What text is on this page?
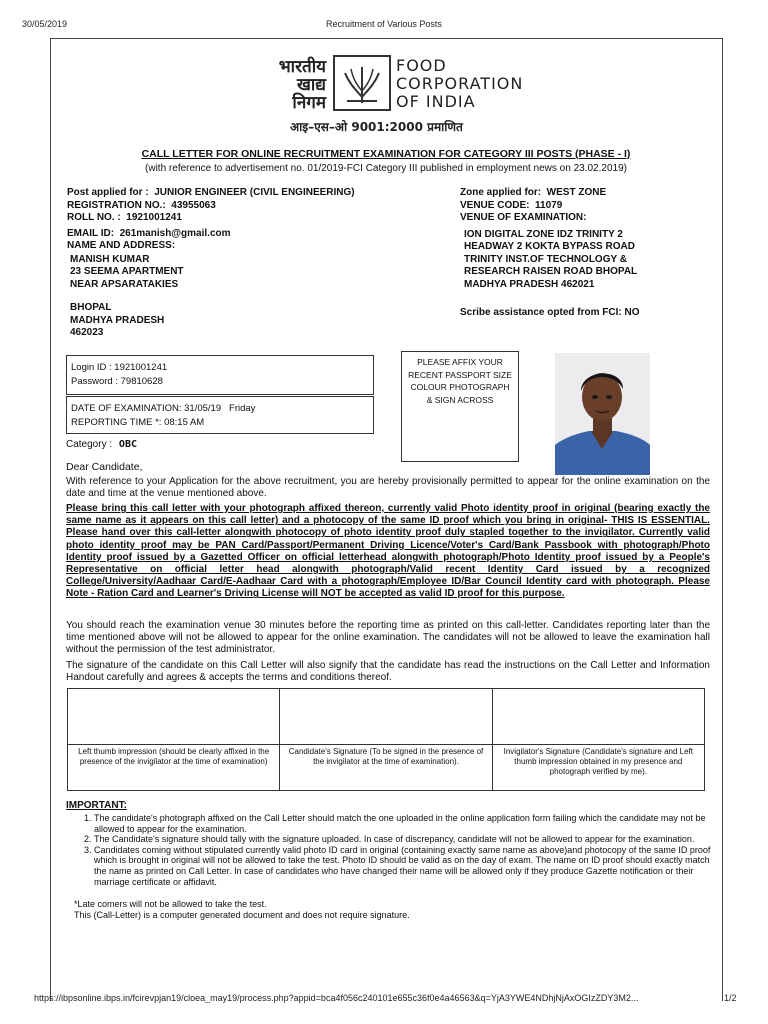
30/05/2019	Recruitment of Various Posts
भारतीय
खाद्य
निगम
FOOD
CORPORATION
OF INDIA
आइ–एस–ओ 9001:2000 प्रमाणित
CALL LETTER FOR ONLINE RECRUITMENT EXAMINATION FOR CATEGORY III POSTS (PHASE - I)
(with reference to advertisement no. 01/2019-FCI Category III published in employment news on 23.02.2019)
Post applied for : JUNIOR ENGINEER (CIVIL ENGINEERING)
REGISTRATION NO.: 43955063
ROLL NO. : 1921001241
EMAIL ID: 261manish@gmail.com
NAME AND ADDRESS:
MANISH KUMAR
23 SEEMA APARTMENT
NEAR APSARATAKIES
BHOPAL
MADHYA PRADESH
462023
Zone applied for: WEST ZONE
VENUE CODE: 11079
VENUE OF EXAMINATION:
ION DIGITAL ZONE IDZ TRINITY 2
HEADWAY 2 KOKTA BYPASS ROAD
TRINITY INST.OF TECHNOLOGY &
RESEARCH RAISEN ROAD BHOPAL
MADHYA PRADESH 462021
Scribe assistance opted from FCI: NO
Login ID : 1921001241
Password : 79810628
DATE OF EXAMINATION: 31/05/19   Friday
REPORTING TIME *: 08:15 AM
PLEASE AFFIX YOUR RECENT PASSPORT SIZE COLOUR PHOTOGRAPH & SIGN ACROSS
Category : OBC
Dear Candidate,
With reference to your Application for the above recruitment, you are hereby provisionally permitted to appear for the online examination on the date and time at the venue mentioned above.
Please bring this call letter with your photograph affixed thereon, currently valid Photo identity proof in original (bearing exactly the same name as it appears on this call letter) and a photocopy of the same ID proof which you bring in original- THIS IS ESSENTIAL. Please hand over this call-letter alongwith photocopy of photo identity proof duly stapled together to the invigilator. Currently valid photo identity proof may be PAN Card/Passport/Permanent Driving Licence/Voter's Card/Bank Passbook with photograph/Photo Identity proof issued by a Gazetted Officer on official letterhead alongwith photograph/Photo Identity proof issued by a People's Representative on official letter head alongwith photograph/Valid recent Identity Card issued by a recognized College/University/Aadhaar Card/E-Aadhaar Card with a photograph/Employee ID/Bar Council Identity card with photograph. Please Note - Ration Card and Learner's Driving License will NOT be accepted as valid ID proof for this purpose.
You should reach the examination venue 30 minutes before the reporting time as printed on this call-letter. Candidates reporting later than the time mentioned above will not be allowed to appear for the online examination. The candidates will not be allowed to leave the examination hall without the permission of the test administrator.
The signature of the candidate on this Call Letter will also signify that the candidate has read the instructions on the Call Letter and Information Handout carefully and agrees & accepts the terms and conditions thereof.

Left thumb impression (should be clearly affixed in the presence of the invigilator at the time of examination)	Candidate's Signature (To be signed in the presence of the invigilator at the time of examination).	Invigilator's Signature (Candidate's signature and Left thumb impression obtained in my presence and photograph verified by me).
IMPORTANT:
1. The candidate's photograph affixed on the Call Letter should match the one uploaded in the online application form failing which the candidate may not be allowed to appear for the examination.
2. The Candidate's signature should tally with the signature uploaded. In case of discrepancy, candidate will not be allowed to appear for the examination.
3. Candidates coming without stipulated currently valid photo ID card in original (containing exactly same name as above)and photocopy of the same ID proof which is brought in original will not be allowed to take the test. Photo ID should be valid as on the day of exam. The name on ID proof should exactly match the name as printed on Call Letter. In case of candidates who have changed their name will be allowed only if they produce Gazette notification or their marriage certificate or affidavit.
*Late comers will not be allowed to take the test.
This (Call-Letter) is a computer generated document and does not require signature.
https://ibpsonline.ibps.in/fcirevpjan19/cloea_may19/process.php?appid=bca4f056c240101e655c36f0e4a46563&q=YjA3YWE4NDhjNjAxOGIzZDY3M2...	1/2
